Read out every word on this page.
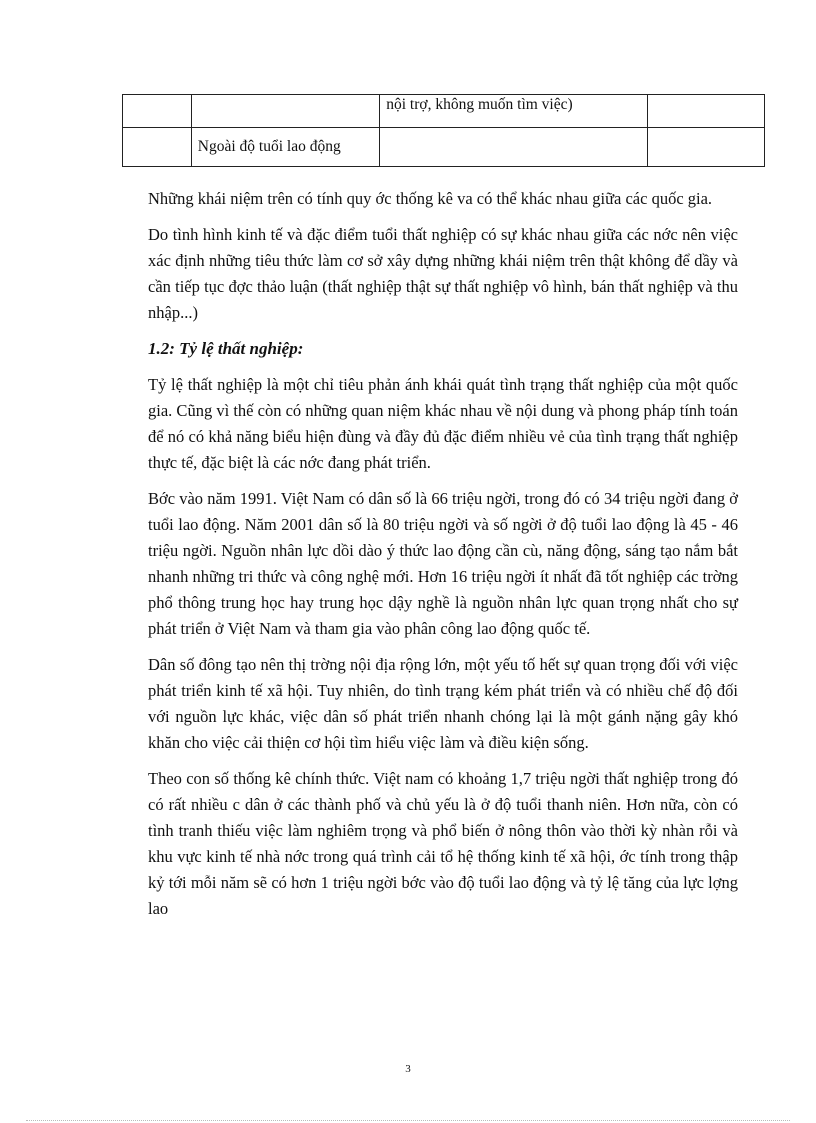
		nội trợ, không muốn tìm việc)	
	Ngoài độ tuổi lao động		

Những khái niệm trên có tính quy ớc thống kê va có thể khác nhau giữa các quốc gia.

Do tình hình kinh tế và đặc điểm tuổi thất nghiệp có sự khác nhau giữa các nớc nên việc xác định những tiêu thức làm cơ sở xây dựng những khái niệm trên thật không để dầy và cần tiếp tục đợc thảo luận (thất nghiệp thật sự thất nghiệp vô hình, bán thất nghiệp và thu nhập...)

1.2: Tỷ lệ thất nghiệp:

Tỷ lệ thất nghiệp là một chỉ tiêu phản ánh khái quát tình trạng thất nghiệp của một quốc gia. Cũng vì thế còn có những quan niệm khác nhau về nội dung và phong pháp tính toán để nó có khả năng biểu hiện đùng và đầy đủ đặc điểm nhiều vẻ của tình trạng thất nghiệp thực tế, đặc biệt là các nớc đang phát triển.

Bớc vào năm 1991. Việt Nam có dân số là 66 triệu ngời, trong đó có 34 triệu ngời đang ở tuổi lao động. Năm 2001 dân số là 80 triệu ngời và số ngời ở độ tuổi lao động là 45 - 46 triệu ngời. Nguồn nhân lực dồi dào ý thức lao động cần cù, năng động, sáng tạo nắm bắt nhanh những tri thức và công nghệ mới. Hơn 16 triệu ngời ít nhất đã tốt nghiệp các trờng phổ thông trung học hay trung học dậy nghề là nguồn nhân lực quan trọng nhất cho sự phát triển ở Việt Nam và tham gia vào phân công lao động quốc tế.

Dân số đông tạo nên thị trờng nội địa rộng lớn, một yếu tố hết sự quan trọng đối với việc phát triển kinh tế xã hội. Tuy nhiên, do tình trạng kém phát triển và có nhiều chế độ đối với nguồn lực khác, việc dân số phát triển nhanh chóng lại là một gánh nặng gây khó khăn cho việc cải thiện cơ hội tìm hiểu việc làm và điều kiện sống.

Theo con số thống kê chính thức. Việt nam có khoảng 1,7 triệu ngời thất nghiệp trong đó có rất nhiều c dân ở các thành phố và chủ yếu là ở độ tuổi thanh niên. Hơn nữa, còn có tình tranh thiếu việc làm nghiêm trọng và phổ biến ở nông thôn vào thời kỳ nhàn rỗi và khu vực kinh tế nhà nớc trong quá trình cải tổ hệ thống kinh tế xã hội, ớc tính trong thập kỷ tới mỗi năm sẽ có hơn 1 triệu ngời bớc vào độ tuổi lao động và tỷ lệ tăng của lực lợng lao

3
